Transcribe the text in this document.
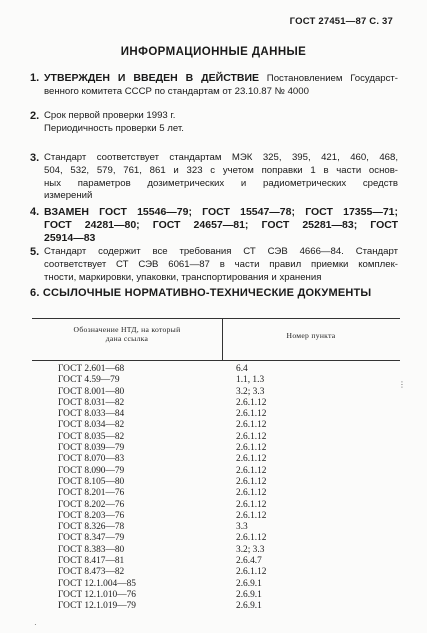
ГОСТ 27451—87 С. 37
ИНФОРМАЦИОННЫЕ ДАННЫЕ
1. УТВЕРЖДЕН И ВВЕДЕН В ДЕЙСТВИЕ Постановлением Государст-
венного комитета СССР по стандартам от 23.10.87 № 4000
2. Срок первой проверки 1993 г.
Периодичность проверки 5 лет.
3. Стандарт соответствует стандартам МЭК 325, 395, 421, 460, 468,
504, 532, 579, 761, 861 и 323 с учетом поправки 1 в части основ-
ных параметров дозиметрических и радиометрических средств
измерений
4. ВЗАМЕН ГОСТ 15546—79; ГОСТ 15547—78; ГОСТ 17355—71;
ГОСТ 24281—80; ГОСТ 24657—81; ГОСТ 25281—83; ГОСТ
25914—83
5. Стандарт содержит все требования СТ СЭВ 4666—84. Стандарт
соответствует СТ СЭВ 6061—87 в части правил приемки комплек-
тности, маркировки, упаковки, транспортирования и хранения
6. ССЫЛОЧНЫЕ НОРМАТИВНО-ТЕХНИЧЕСКИЕ ДОКУМЕНТЫ
Обозначение НТД, на который
дана ссылка	Номер пункта
ГОСТ 2.601—68	6.4
ГОСТ 4.59—79	1.1, 1.3
ГОСТ 8.001—80	3.2; 3.3
ГОСТ 8.031—82	2.6.1.12
ГОСТ 8.033—84	2.6.1.12
ГОСТ 8.034—82	2.6.1.12
ГОСТ 8.035—82	2.6.1.12
ГОСТ 8.039—79	2.6.1.12
ГОСТ 8.070—83	2.6.1.12
ГОСТ 8.090—79	2.6.1.12
ГОСТ 8.105—80	2.6.1.12
ГОСТ 8.201—76	2.6.1.12
ГОСТ 8.202—76	2.6.1.12
ГОСТ 8.203—76	2.6.1.12
ГОСТ 8.326—78	3.3
ГОСТ 8.347—79	2.6.1.12
ГОСТ 8.383—80	3.2; 3.3
ГОСТ 8.417—81	2.6.4.7
ГОСТ 8.473—82	2.6.1.12
ГОСТ 12.1.004—85	2.6.9.1
ГОСТ 12.1.010—76	2.6.9.1
ГОСТ 12.1.019—79	2.6.9.1
⋮
·
